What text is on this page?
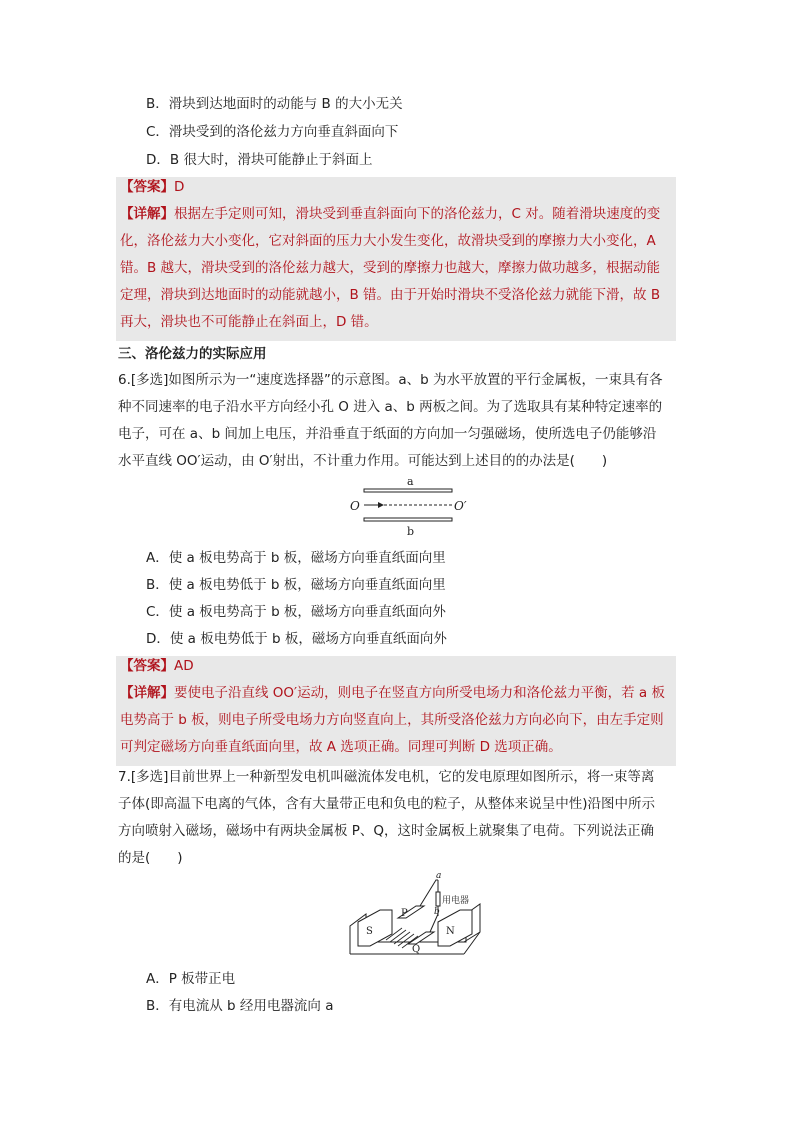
B．滑块到达地面时的动能与 B 的大小无关
C．滑块受到的洛伦兹力方向垂直斜面向下
D．B 很大时，滑块可能静止于斜面上
【答案】D
【详解】根据左手定则可知，滑块受到垂直斜面向下的洛伦兹力，C 对。随着滑块速度的变
化，洛伦兹力大小变化，它对斜面的压力大小发生变化，故滑块受到的摩擦力大小变化，A
错。B 越大，滑块受到的洛伦兹力越大，受到的摩擦力也越大，摩擦力做功越多，根据动能
定理，滑块到达地面时的动能就越小，B 错。由于开始时滑块不受洛伦兹力就能下滑，故 B
再大，滑块也不可能静止在斜面上，D 错。
三、洛伦兹力的实际应用
6.[多选]如图所示为一“速度选择器”的示意图。a、b 为水平放置的平行金属板，一束具有各
种不同速率的电子沿水平方向经小孔 O 进入 a、b 两板之间。为了选取具有某种特定速率的
电子，可在 a、b 间加上电压，并沿垂直于纸面的方向加一匀强磁场，使所选电子仍能够沿
水平直线 OO′运动，由 O′射出，不计重力作用。可能达到上述目的的办法是(　　)
a
O	O′
b
A．使 a 板电势高于 b 板，磁场方向垂直纸面向里
B．使 a 板电势低于 b 板，磁场方向垂直纸面向里
C．使 a 板电势高于 b 板，磁场方向垂直纸面向外
D．使 a 板电势低于 b 板，磁场方向垂直纸面向外
【答案】AD
【详解】要使电子沿直线 OO′运动，则电子在竖直方向所受电场力和洛伦兹力平衡，若 a 板
电势高于 b 板，则电子所受电场力方向竖直向上，其所受洛伦兹力方向必向下，由左手定则
可判定磁场方向垂直纸面向里，故 A 选项正确。同理可判断 D 选项正确。
7.[多选]目前世界上一种新型发电机叫磁流体发电机，它的发电原理如图所示，将一束等离
子体(即高温下电离的气体，含有大量带正电和负电的粒子，从整体来说呈中性)沿图中所示
方向喷射入磁场，磁场中有两块金属板 P、Q，这时金属板上就聚集了电荷。下列说法正确
的是(　　)
S	N
P
Q
a
b
用电器
A．P 板带正电
B．有电流从 b 经用电器流向 a
